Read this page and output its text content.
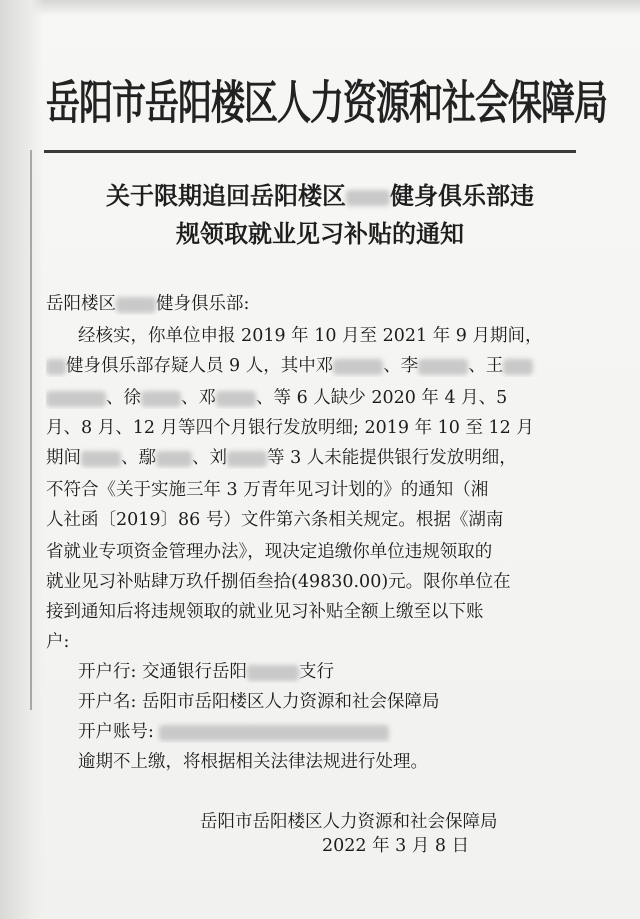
岳阳市岳阳楼区人力资源和社会保障局
关于限期追回岳阳楼区 健身俱乐部违
规领取就业见习补贴的通知
岳阳楼区 健身俱乐部:
经核实，你单位申报 2019 年 10 月至 2021 年 9 月期间，
健身俱乐部存疑人员 9 人，其中邓	、李	、王
、徐 、邓 、等 6 人缺少 2020 年 4 月、5
月、8 月、12 月等四个月银行发放明细; 2019 年 10 至 12 月
期间 、鄢 、刘 等 3 人未能提供银行发放明细，
不符合《关于实施三年 3 万青年见习计划的》的通知（湘
人社函〔2019〕86 号）文件第六条相关规定。根据《湖南
省就业专项资金管理办法》，现决定追缴你单位违规领取的
就业见习补贴肆万玖仟捌佰叁拾(49830.00)元。限你单位在
接到通知后将违规领取的就业见习补贴全额上缴至以下账
户:
开户行: 交通银行岳阳	支行
开户名: 岳阳市岳阳楼区人力资源和社会保障局
开户账号:
逾期不上缴，将根据相关法律法规进行处理。
岳阳市岳阳楼区人力资源和社会保障局
2022 年 3 月 8 日
